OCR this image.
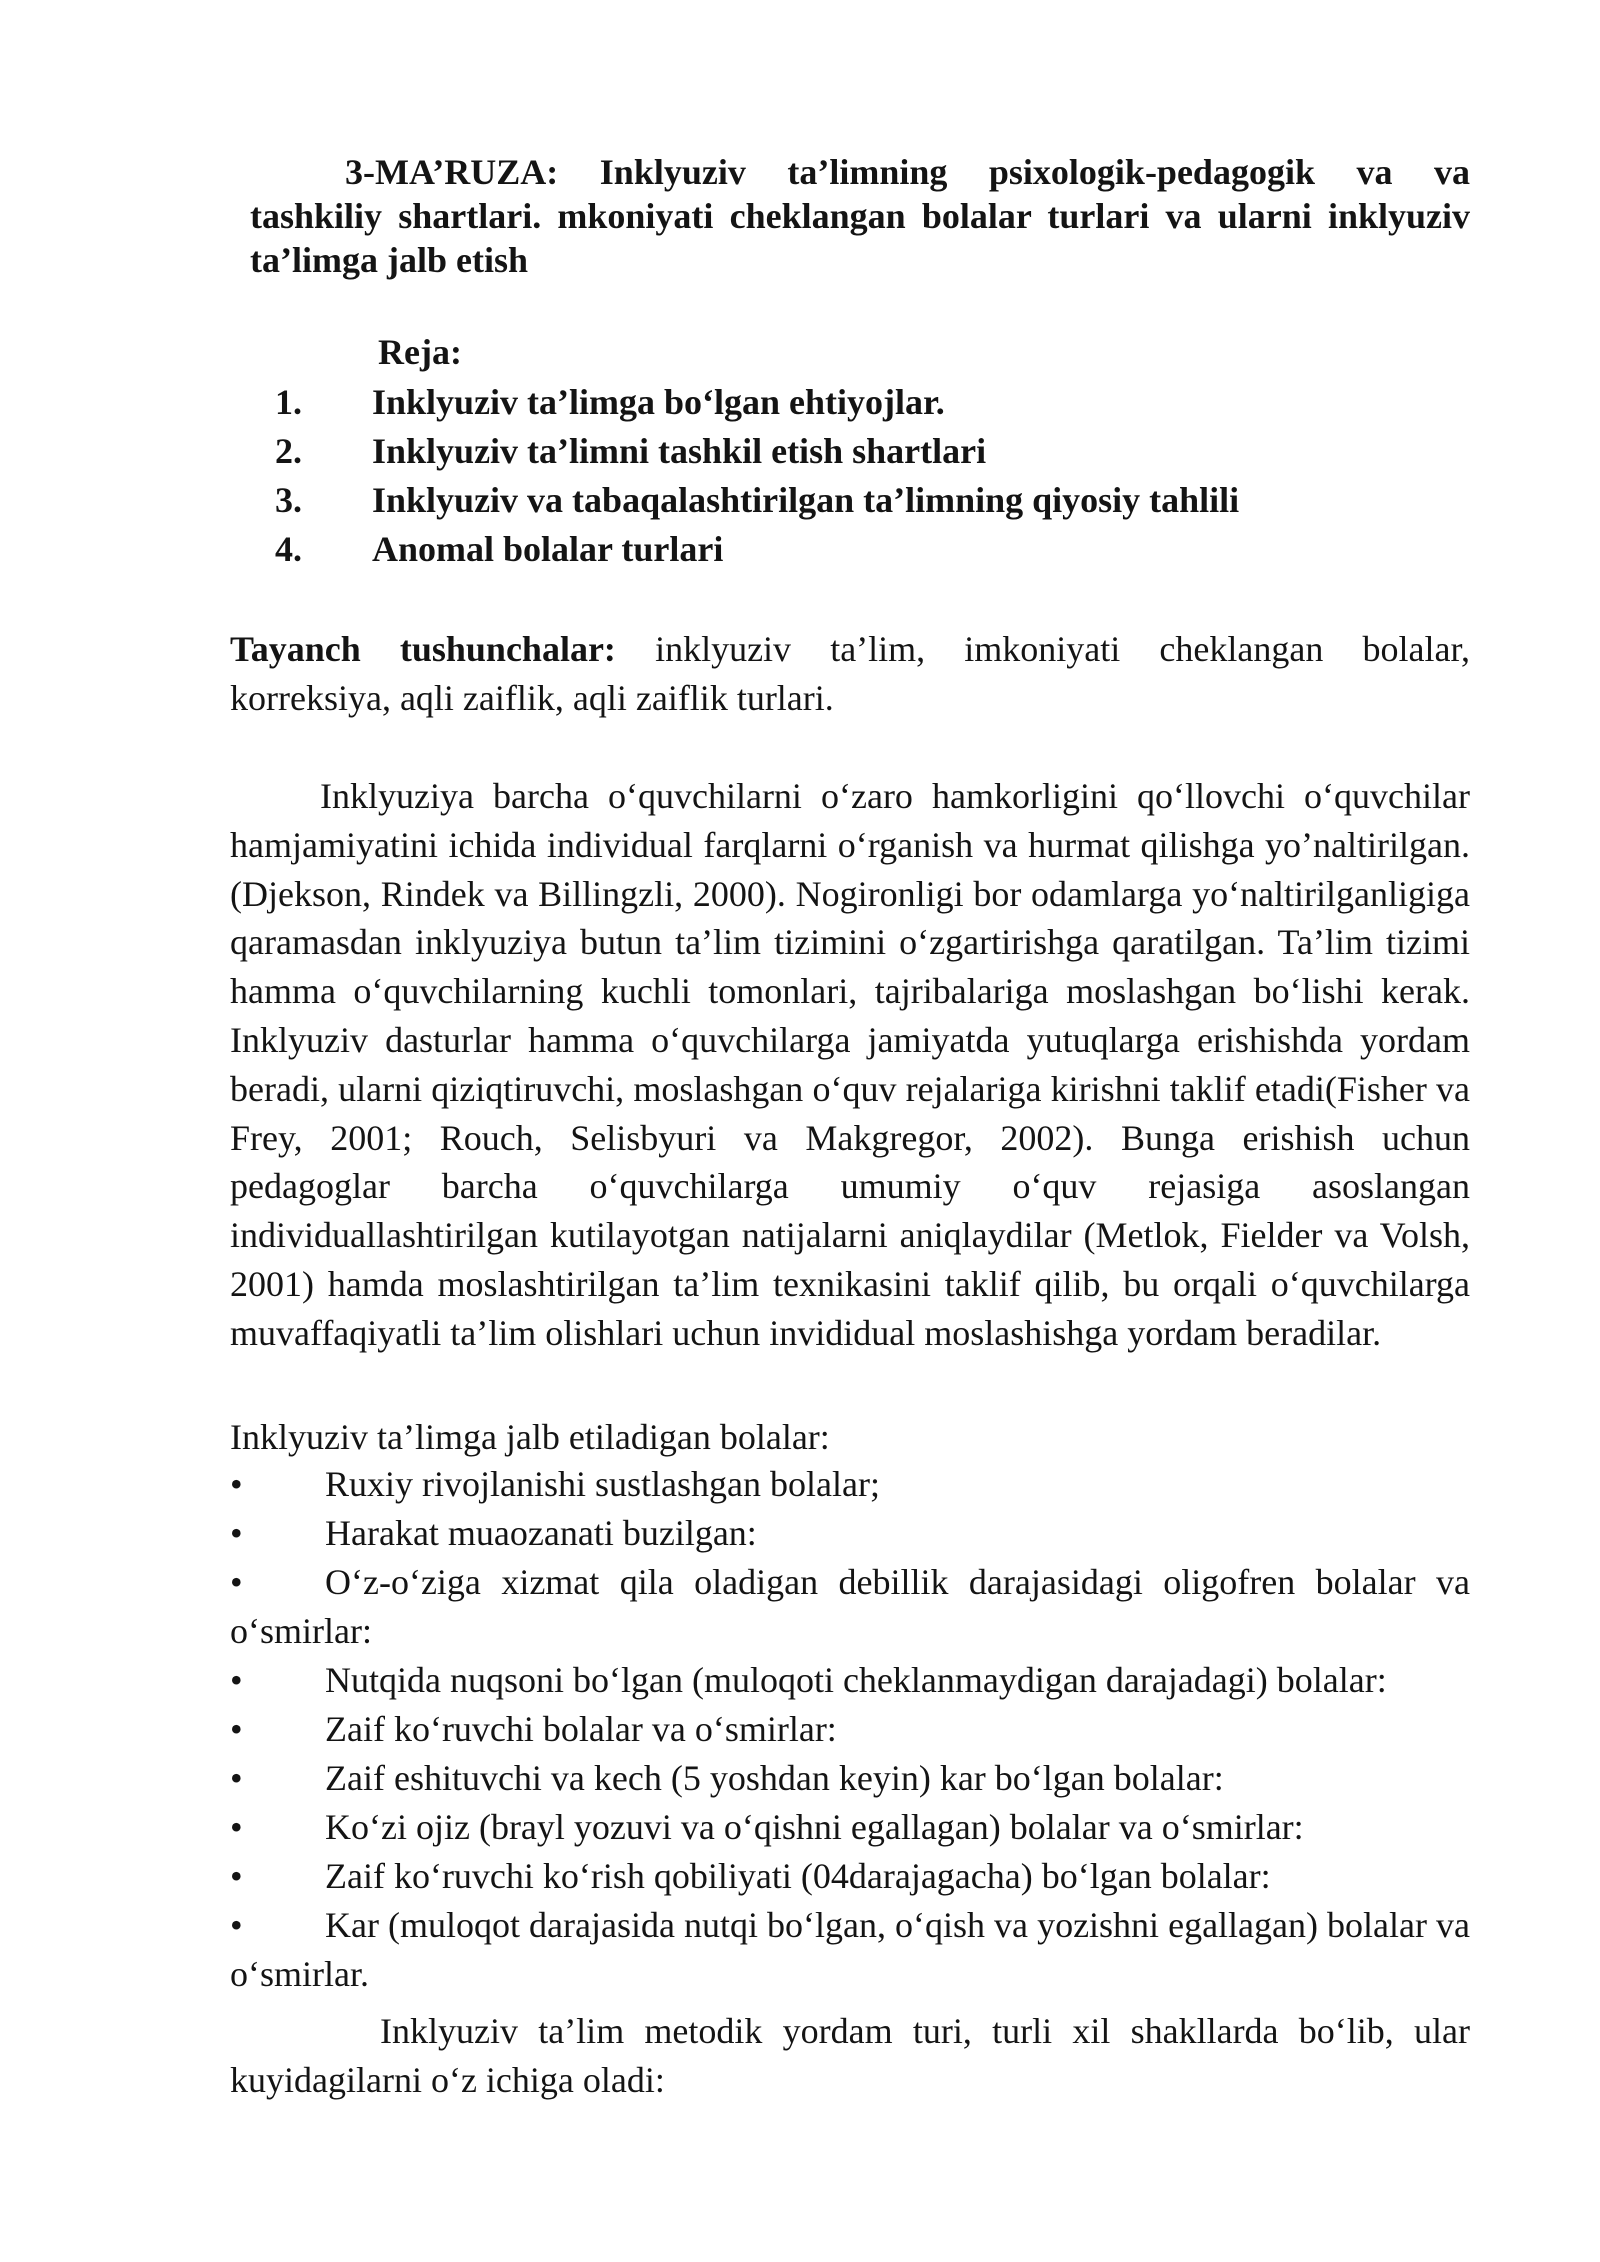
3-MA’RUZA: Inklyuziv ta’limning psixologik-pedagogik va va
tashkiliy shartlari. mkoniyati cheklangan bolalar turlari va ularni inklyuziv ta’limga jalb etish
Reja:
1.	Inklyuziv ta’limga bo‘lgan ehtiyojlar.
2.	Inklyuziv ta’limni tashkil etish shartlari
3.	Inklyuziv va tabaqalashtirilgan ta’limning qiyosiy tahlili
4.	Anomal bolalar turlari

Tayanch tushunchalar: inklyuziv ta’lim, imkoniyati cheklangan bolalar,
korreksiya, aqli zaiflik, aqli zaiflik turlari.

Inklyuziya barcha o‘quvchilarni o‘zaro hamkorligini qo‘llovchi o‘quvchilar hamjamiyatini ichida individual farqlarni o‘rganish va hurmat qilishga yo’naltirilgan. (Djekson, Rindek va Billingzli, 2000). Nogironligi bor odamlarga yo‘naltirilganligiga qaramasdan inklyuziya butun ta’lim tizimini o‘zgartirishga qaratilgan. Ta’lim tizimi hamma o‘quvchilarning kuchli tomonlari, tajribalariga moslashgan bo‘lishi kerak. Inklyuziv dasturlar hamma o‘quvchilarga jamiyatda yutuqlarga erishishda yordam beradi, ularni qiziqtiruvchi, moslashgan o‘quv rejalariga kirishni taklif etadi(Fisher va Frey, 2001; Rouch, Selisbyuri va Makgregor, 2002). Bunga erishish uchun pedagoglar barcha o‘quvchilarga umumiy o‘quv rejasiga asoslangan individuallashtirilgan kutilayotgan natijalarni aniqlaydilar (Metlok, Fielder va Volsh, 2001) hamda moslashtirilgan ta’lim texnikasini taklif qilib, bu orqali o‘quvchilarga muvaffaqiyatli ta’lim olishlari uchun invididual moslashishga yordam beradilar.

Inklyuziv ta’limga jalb etiladigan bolalar:

• Ruxiy rivojlanishi sustlashgan bolalar;
• Harakat muaozanati buzilgan:
• O‘z-o‘ziga xizmat qila oladigan debillik darajasidagi oligofren bolalar va o‘smirlar:
• Nutqida nuqsoni bo‘lgan (muloqoti cheklanmaydigan darajadagi) bolalar:
• Zaif ko‘ruvchi bolalar va o‘smirlar:
• Zaif eshituvchi va kech (5 yoshdan keyin) kar bo‘lgan bolalar:
• Ko‘zi ojiz (brayl yozuvi va o‘qishni egallagan) bolalar va o‘smirlar:
• Zaif ko‘ruvchi ko‘rish qobiliyati (04darajagacha) bo‘lgan bolalar:
• Kar (muloqot darajasida nutqi bo‘lgan, o‘qish va yozishni egallagan) bolalar va o‘smirlar.

Inklyuziv ta’lim metodik yordam turi, turli xil shakllarda bo‘lib, ular kuyidagilarni o‘z ichiga oladi:
